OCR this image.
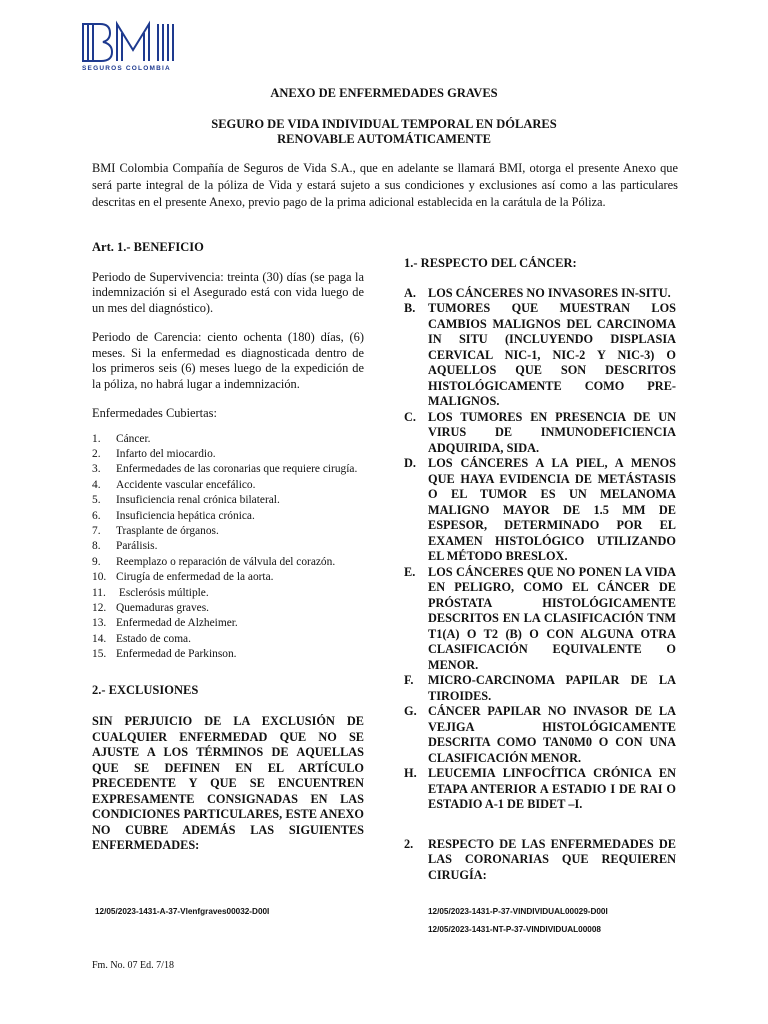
SEGUROS COLOMBIA
ANEXO DE ENFERMEDADES GRAVES
SEGURO DE VIDA INDIVIDUAL TEMPORAL EN DÓLARES
RENOVABLE AUTOMÁTICAMENTE
BMI Colombia Compañía de Seguros de Vida S.A., que en adelante se llamará BMI, otorga el presente Anexo que será parte integral de la póliza de Vida y estará sujeto a sus condiciones y exclusiones así como a las particulares descritas en el presente Anexo, previo pago de la prima adicional establecida en la carátula de la Póliza.
Art. 1.- BENEFICIO
Periodo de Supervivencia: treinta (30) días (se paga la indemnización si el Asegurado está con vida luego de un mes del diagnóstico).
Periodo de Carencia: ciento ochenta (180) días, (6) meses. Si la enfermedad es diagnosticada dentro de los primeros seis (6) meses luego de la expedición de la póliza, no habrá lugar a indemnización.
Enfermedades Cubiertas:
1.	Cáncer.
2.	Infarto del miocardio.
3.	Enfermedades de las coronarias que requiere cirugía.
4.	Accidente vascular encefálico.
5.	Insuficiencia renal crónica bilateral.
6.	Insuficiencia hepática crónica.
7.	Trasplante de órganos.
8.	Parálisis.
9.	Reemplazo o reparación de válvula del corazón.
10. Cirugía de enfermedad de la aorta.
11. Esclerósis múltiple.
12. Quemaduras graves.
13. Enfermedad de Alzheimer.
14. Estado de coma.
15. Enfermedad de Parkinson.
2.- EXCLUSIONES
SIN PERJUICIO DE LA EXCLUSIÓN DE CUALQUIER ENFERMEDAD QUE NO SE AJUSTE A LOS TÉRMINOS DE AQUELLAS QUE SE DEFINEN EN EL ARTÍCULO PRECEDENTE Y QUE SE ENCUENTREN EXPRESAMENTE CONSIGNADAS EN LAS CONDICIONES PARTICULARES, ESTE ANEXO NO CUBRE ADEMÁS LAS SIGUIENTES ENFERMEDADES:
1.- RESPECTO DEL CÁNCER:
A. LOS CÁNCERES NO INVASORES IN-SITU.
B.	TUMORES QUE MUESTRAN LOS CAMBIOS MALIGNOS DEL CARCINOMA IN SITU (INCLUYENDO DISPLASIA CERVICAL NIC-1, NIC-2 Y NIC-3) O AQUELLOS QUE SON DESCRITOS HISTOLÓGICAMENTE COMO PRE-MALIGNOS.
C. LOS TUMORES EN PRESENCIA DE UN VIRUS DE INMUNODEFICIENCIA ADQUIRIDA, SIDA.
D. LOS CÁNCERES A LA PIEL, A MENOS QUE HAYA EVIDENCIA DE METÁSTASIS O EL TUMOR ES UN MELANOMA MALIGNO MAYOR DE 1.5 MM DE ESPESOR, DETERMINADO POR EL EXAMEN HISTOLÓGICO UTILIZANDO EL MÉTODO BRESLOX.
E.	LOS CÁNCERES QUE NO PONEN LA VIDA EN PELIGRO, COMO EL CÁNCER DE PRÓSTATA HISTOLÓGICAMENTE DESCRITOS EN LA CLASIFICACIÓN TNM T1(A) O T2 (B) O CON ALGUNA OTRA CLASIFICACIÓN EQUIVALENTE O MENOR.
F.	MICRO-CARCINOMA PAPILAR DE LA TIROIDES.
G. CÁNCER PAPILAR NO INVASOR DE LA VEJIGA HISTOLÓGICAMENTE DESCRITA COMO TAN0M0 O CON UNA CLASIFICACIÓN MENOR.
H. LEUCEMIA LINFOCÍTICA CRÓNICA EN ETAPA ANTERIOR A ESTADIO I DE RAI O ESTADIO A-1 DE BIDET –I.
2.	RESPECTO DE LAS ENFERMEDADES DE LAS CORONARIAS QUE REQUIEREN CIRUGÍA:
12/05/2023-1431-A-37-Vlenfgraves00032-D00I	12/05/2023-1431-P-37-VINDIVIDUAL00029-D00I
12/05/2023-1431-NT-P-37-VINDIVIDUAL00008
Fm. No. 07 Ed. 7/18
